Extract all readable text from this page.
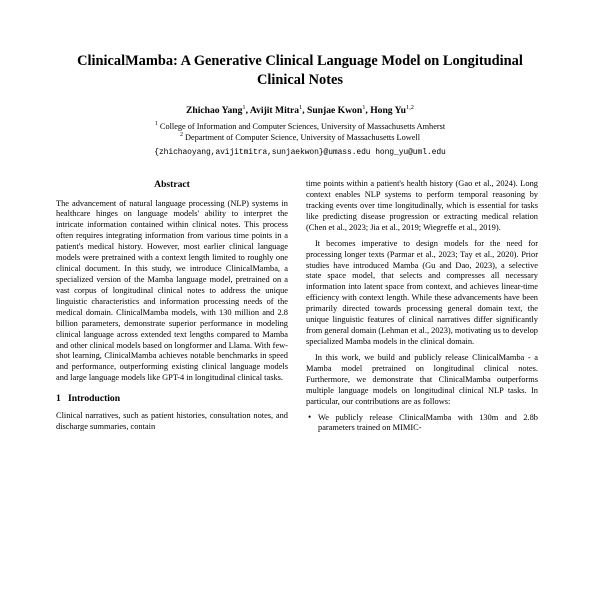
ClinicalMamba: A Generative Clinical Language Model on Longitudinal Clinical Notes
Zhichao Yang$^1$, Avijit Mitra$^1$, Sunjae Kwon$^1$, Hong Yu$^{1,2}$
$^1$ College of Information and Computer Sciences, University of Massachusetts Amherst
$^2$ Department of Computer Science, University of Massachusetts Lowell
{zhichaoyang,avijitmitra,sunjaekwon}@umass.edu hong_yu@uml.edu
Abstract

The advancement of natural language processing (NLP) systems in healthcare hinges on language models' ability to interpret the intricate information contained within clinical notes. This process often requires integrating information from various time points in a patient's medical history. However, most earlier clinical language models were pretrained with a context length limited to roughly one clinical document. In this study, we introduce ClinicalMamba, a specialized version of the Mamba language model, pretrained on a vast corpus of longitudinal clinical notes to address the unique linguistic characteristics and information processing needs of the medical domain. ClinicalMamba models, with 130 million and 2.8 billion parameters, demonstrate superior performance in modeling clinical language across extended text lengths compared to Mamba and other clinical models based on longformer and Llama. With few-shot learning, ClinicalMamba achieves notable benchmarks in speed and performance, outperforming existing clinical language models and large language models like GPT-4 in longitudinal clinical tasks.

1 Introduction

Clinical narratives, such as patient histories, consultation notes, and discharge summaries, contain

time points within a patient's health history (Gao et al., 2024). Long context enables NLP systems to perform temporal reasoning by tracking events over time longitudinally, which is essential for tasks like predicting disease progression or extracting medical relation (Chen et al., 2023; Jia et al., 2019; Wiegreffe et al., 2019).

It becomes imperative to design models for the need for processing longer texts (Parmar et al., 2023; Tay et al., 2020). Prior studies have introduced Mamba (Gu and Dao, 2023), a selective state space model, that selects and compresses all necessary information into latent space from context, and achieves linear-time efficiency with context length. While these advancements have been primarily directed towards processing general domain text, the unique linguistic features of clinical narratives differ significantly from general domain (Lehman et al., 2023), motivating us to develop specialized Mamba models in the clinical domain.

In this work, we build and publicly release ClinicalMamba - a Mamba model pretrained on longitudinal clinical notes. Furthermore, we demonstrate that ClinicalMamba outperforms multiple language models on longitudinal clinical NLP tasks. In particular, our contributions are as follows:

• We publicly release ClinicalMamba with 130m and 2.8b parameters trained on MIMIC-
